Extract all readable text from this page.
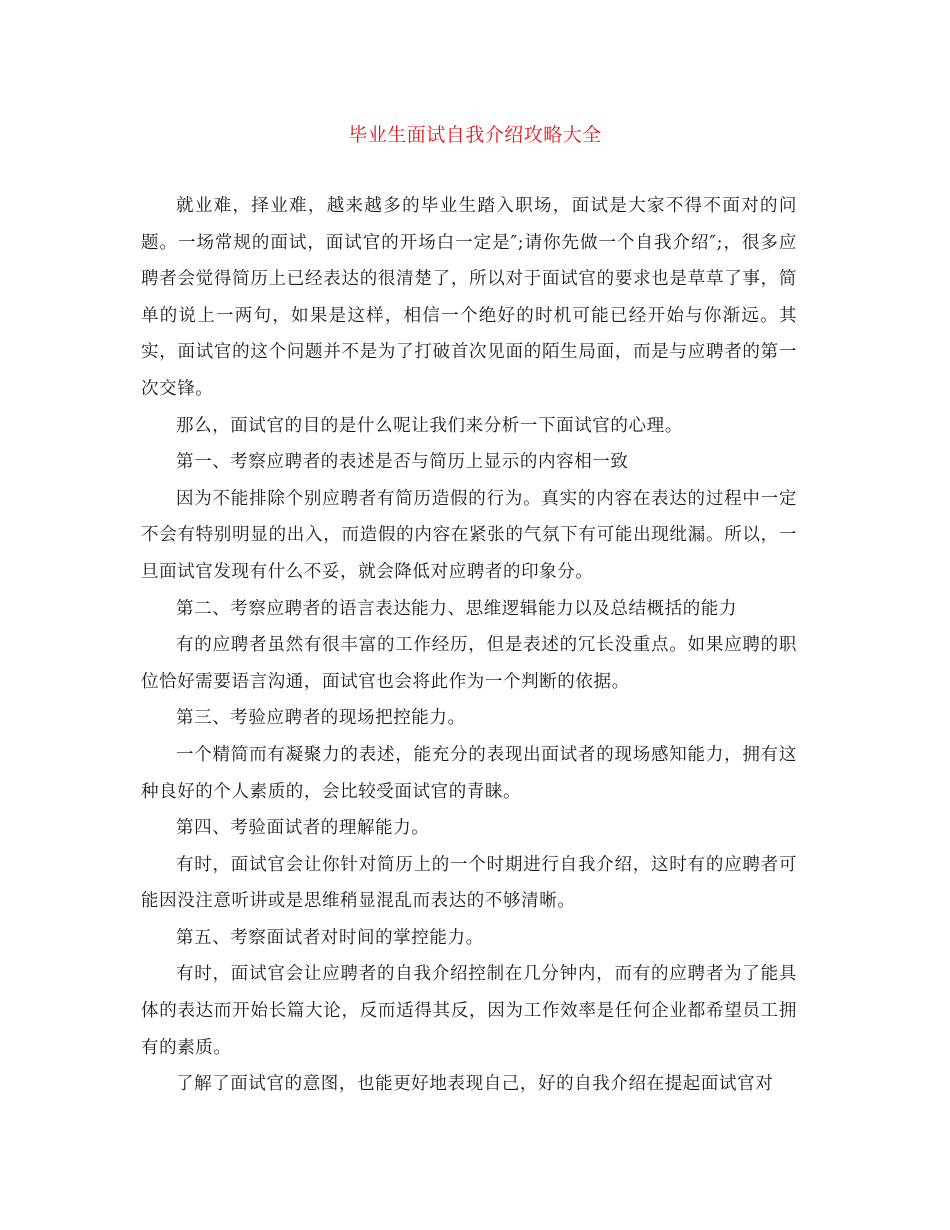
毕业生面试自我介绍攻略大全

就业难，择业难，越来越多的毕业生踏入职场，面试是大家不得不面对的问题。一场常规的面试，面试官的开场白一定是″;请你先做一个自我介绍″;，很多应聘者会觉得简历上已经表达的很清楚了，所以对于面试官的要求也是草草了事，简单的说上一两句，如果是这样，相信一个绝好的时机可能已经开始与你渐远。其实，面试官的这个问题并不是为了打破首次见面的陌生局面，而是与应聘者的第一次交锋。

那么，面试官的目的是什么呢让我们来分析一下面试官的心理。

第一、考察应聘者的表述是否与简历上显示的内容相一致

因为不能排除个别应聘者有简历造假的行为。真实的内容在表达的过程中一定不会有特别明显的出入，而造假的内容在紧张的气氛下有可能出现纰漏。所以，一旦面试官发现有什么不妥，就会降低对应聘者的印象分。

第二、考察应聘者的语言表达能力、思维逻辑能力以及总结概括的能力

有的应聘者虽然有很丰富的工作经历，但是表述的冗长没重点。如果应聘的职位恰好需要语言沟通，面试官也会将此作为一个判断的依据。

第三、考验应聘者的现场把控能力。

一个精简而有凝聚力的表述，能充分的表现出面试者的现场感知能力，拥有这种良好的个人素质的，会比较受面试官的青睐。

第四、考验面试者的理解能力。

有时，面试官会让你针对简历上的一个时期进行自我介绍，这时有的应聘者可能因没注意听讲或是思维稍显混乱而表达的不够清晰。

第五、考察面试者对时间的掌控能力。

有时，面试官会让应聘者的自我介绍控制在几分钟内，而有的应聘者为了能具体的表达而开始长篇大论，反而适得其反，因为工作效率是任何企业都希望员工拥有的素质。

了解了面试官的意图，也能更好地表现自己，好的自我介绍在提起面试官对
